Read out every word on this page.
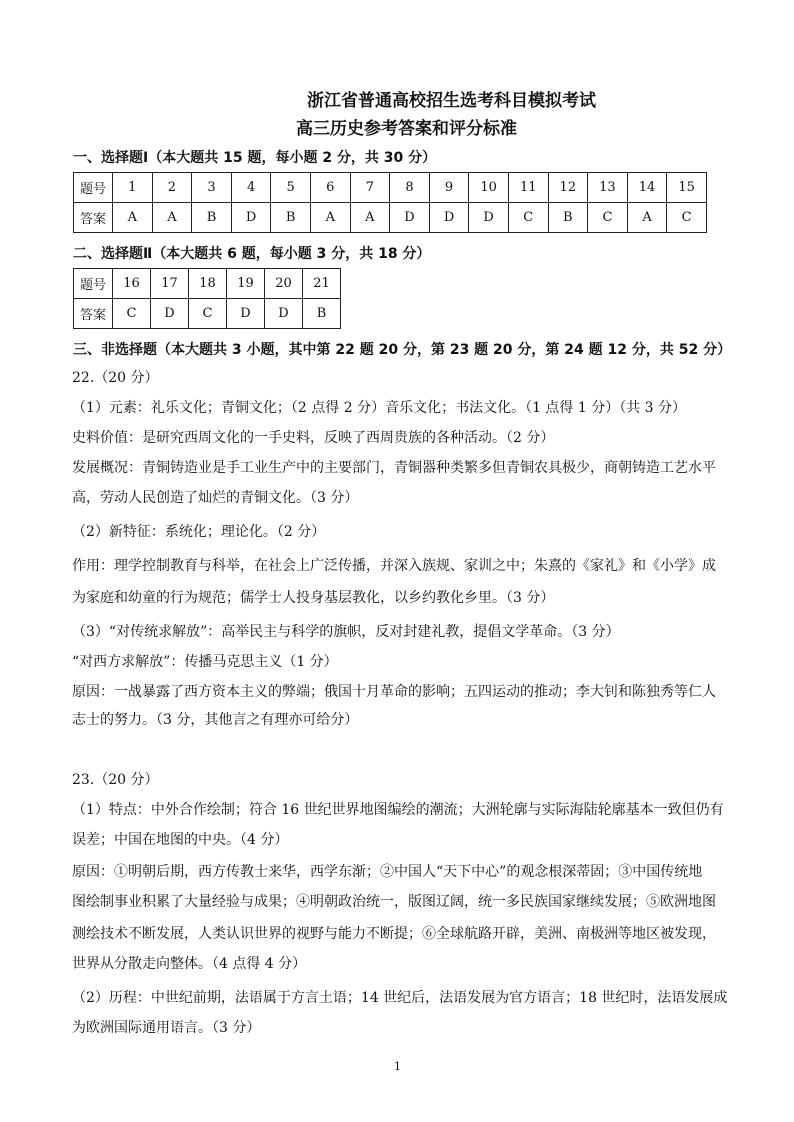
浙江省普通高校招生选考科目模拟考试
高三历史参考答案和评分标准
一、选择题Ⅰ（本大题共 15 题，每小题 2 分，共 30 分）
题号	1	2	3	4	5	6	7	8	9	10	11	12	13	14	15
答案	A	A	B	D	B	A	A	D	D	D	C	B	C	A	C
二、选择题Ⅱ（本大题共 6 题，每小题 3 分，共 18 分）
题号	16	17	18	19	20	21
答案	C	D	C	D	D	B
三、非选择题（本大题共 3 小题，其中第 22 题 20 分，第 23 题 20 分，第 24 题 12 分，共 52 分）
22.（20 分）
（1）元素：礼乐文化；青铜文化；（2 点得 2 分）音乐文化；书法文化。（1 点得 1 分）（共 3 分）
史料价值：是研究西周文化的一手史料，反映了西周贵族的各种活动。（2 分）
发展概况：青铜铸造业是手工业生产中的主要部门，青铜器种类繁多但青铜农具极少，商朝铸造工艺水平
高，劳动人民创造了灿烂的青铜文化。（3 分）
（2）新特征：系统化；理论化。（2 分）
作用：理学控制教育与科举，在社会上广泛传播，并深入族规、家训之中；朱熹的《家礼》和《小学》成
为家庭和幼童的行为规范；儒学士人投身基层教化，以乡约教化乡里。（3 分）
（3）“对传统求解放”：高举民主与科学的旗帜，反对封建礼教，提倡文学革命。（3 分）
“对西方求解放”：传播马克思主义（1 分）
原因：一战暴露了西方资本主义的弊端；俄国十月革命的影响；五四运动的推动；李大钊和陈独秀等仁人
志士的努力。（3 分，其他言之有理亦可给分）
23.（20 分）
（1）特点：中外合作绘制；符合 16 世纪世界地图编绘的潮流；大洲轮廓与实际海陆轮廓基本一致但仍有
误差；中国在地图的中央。（4 分）
原因：①明朝后期，西方传教士来华，西学东渐；②中国人“天下中心”的观念根深蒂固；③中国传统地
图绘制事业积累了大量经验与成果；④明朝政治统一，版图辽阔，统一多民族国家继续发展；⑤欧洲地图
测绘技术不断发展，人类认识世界的视野与能力不断提；⑥全球航路开辟，美洲、南极洲等地区被发现，
世界从分散走向整体。（4 点得 4 分）
（2）历程：中世纪前期，法语属于方言土语；14 世纪后，法语发展为官方语言；18 世纪时，法语发展成
为欧洲国际通用语言。（3 分）
1
